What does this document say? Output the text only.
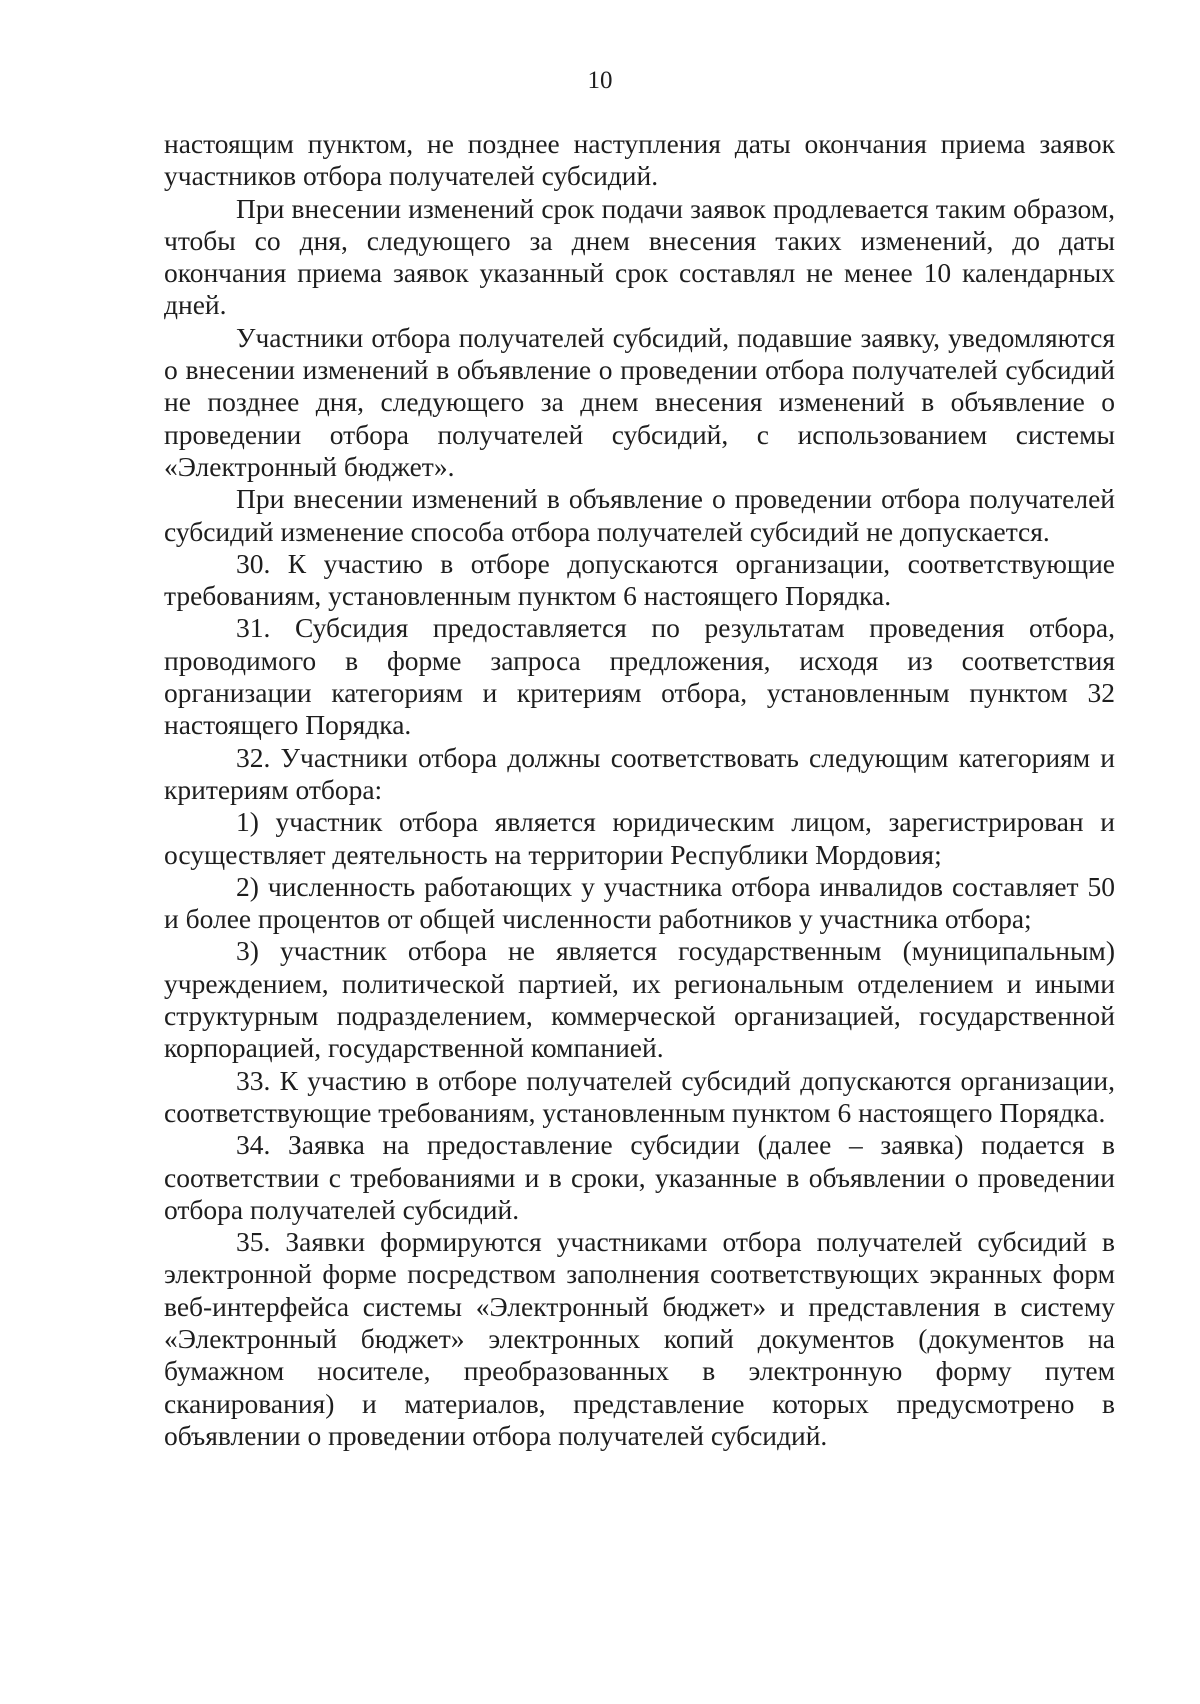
10

настоящим пунктом, не позднее наступления даты окончания приема заявок участников отбора получателей субсидий.

При внесении изменений срок подачи заявок продлевается таким образом, чтобы со дня, следующего за днем внесения таких изменений, до даты окончания приема заявок указанный срок составлял не менее 10 календарных дней.

Участники отбора получателей субсидий, подавшие заявку, уведомляются о внесении изменений в объявление о проведении отбора получателей субсидий не позднее дня, следующего за днем внесения изменений в объявление о проведении отбора получателей субсидий, с использованием системы «Электронный бюджет».

При внесении изменений в объявление о проведении отбора получателей субсидий изменение способа отбора получателей субсидий не допускается.

30. К участию в отборе допускаются организации, соответствующие требованиям, установленным пунктом 6 настоящего Порядка.

31. Субсидия предоставляется по результатам проведения отбора, проводимого в форме запроса предложения, исходя из соответствия организации категориям и критериям отбора, установленным пунктом 32 настоящего Порядка.

32. Участники отбора должны соответствовать следующим категориям и критериям отбора:

1) участник отбора является юридическим лицом, зарегистрирован и осуществляет деятельность на территории Республики Мордовия;

2) численность работающих у участника отбора инвалидов составляет 50 и более процентов от общей численности работников у участника отбора;

3) участник отбора не является государственным (муниципальным) учреждением, политической партией, их региональным отделением и иными структурным подразделением, коммерческой организацией, государственной корпорацией, государственной компанией.

33. К участию в отборе получателей субсидий допускаются организации, соответствующие требованиям, установленным пунктом 6 настоящего Порядка.

34. Заявка на предоставление субсидии (далее – заявка) подается в соответствии с требованиями и в сроки, указанные в объявлении о проведении отбора получателей субсидий.

35. Заявки формируются участниками отбора получателей субсидий в электронной форме посредством заполнения соответствующих экранных форм веб-интерфейса системы «Электронный бюджет» и представления в систему «Электронный бюджет» электронных копий документов (документов на бумажном носителе, преобразованных в электронную форму путем сканирования) и материалов, представление которых предусмотрено в объявлении о проведении отбора получателей субсидий.
